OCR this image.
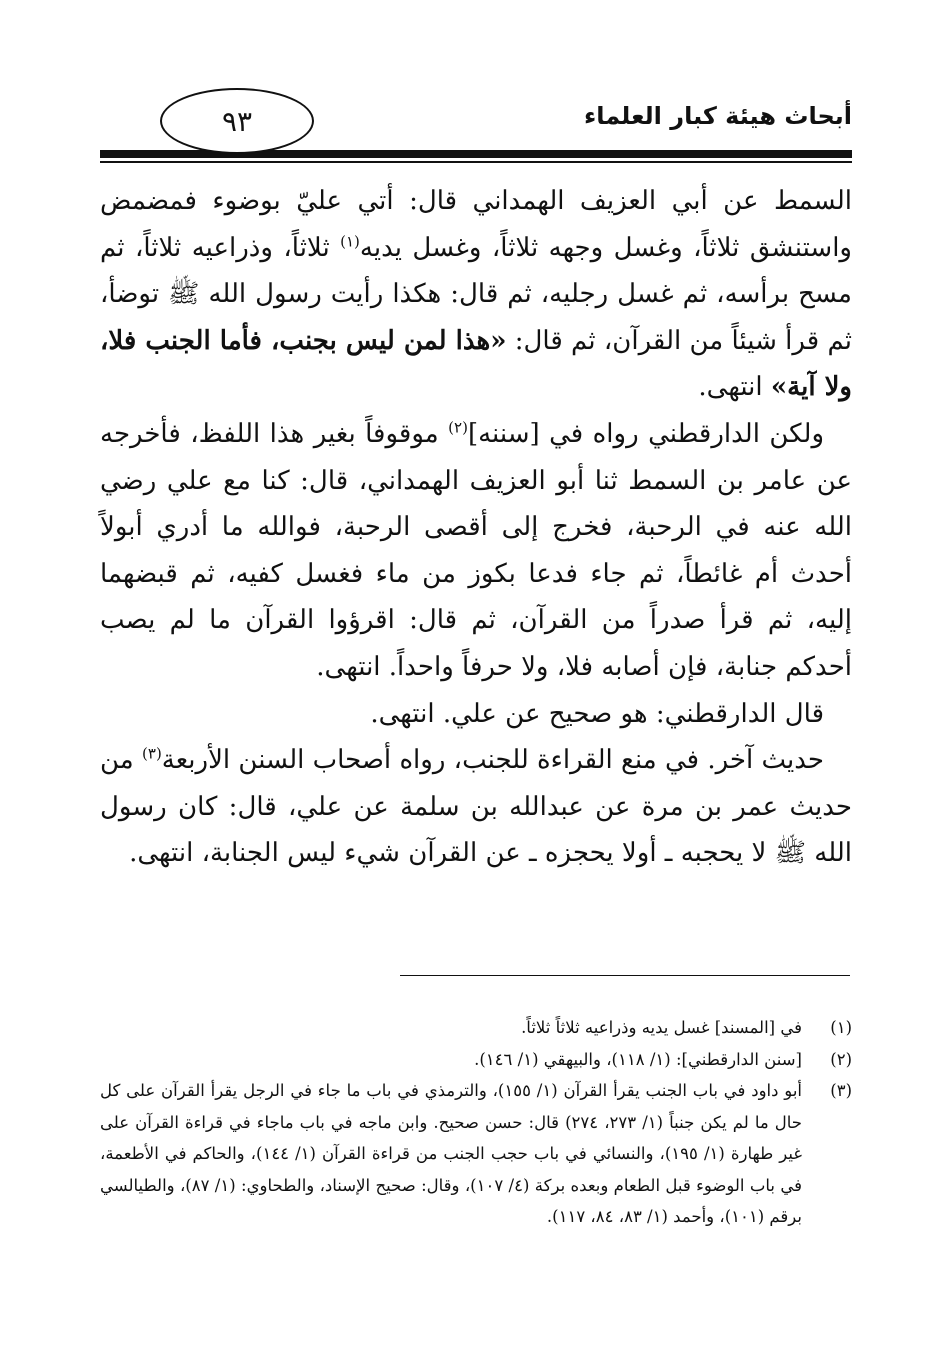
أبحاث هيئة كبار العلماء
٩٣

السمط عن أبي العزيف الهمداني قال: أتي عليّ بوضوء فمضمض واستنشق ثلاثاً، وغسل وجهه ثلاثاً، وغسل يديه$^{(١)}$ ثلاثاً، وذراعيه ثلاثاً، ثم مسح برأسه، ثم غسل رجليه، ثم قال: هكذا رأيت رسول الله ﷺ توضأ، ثم قرأ شيئاً من القرآن، ثم قال: «هذا لمن ليس بجنب، فأما الجنب فلا، ولا آية» انتهى.

ولكن الدارقطني رواه في [سننه]$^{(٢)}$ موقوفاً بغير هذا اللفظ، فأخرجه عن عامر بن السمط ثنا أبو العزيف الهمداني، قال: كنا مع علي رضي الله عنه في الرحبة، فخرج إلى أقصى الرحبة، فوالله ما أدري أبولاً أحدث أم غائطاً، ثم جاء فدعا بكوز من ماء فغسل كفيه، ثم قبضهما إليه، ثم قرأ صدراً من القرآن، ثم قال: اقرؤوا القرآن ما لم يصب أحدكم جنابة، فإن أصابه فلا، ولا حرفاً واحداً. انتهى.

قال الدارقطني: هو صحيح عن علي. انتهى.

حديث آخر. في منع القراءة للجنب، رواه أصحاب السنن الأربعة$^{(٣)}$ من حديث عمر بن مرة عن عبدالله بن سلمة عن علي، قال: كان رسول الله ﷺ لا يحجبه ـ أولا يحجزه ـ عن القرآن شيء ليس الجنابة، انتهى.

(١)
في [المسند] غسل يديه وذراعيه ثلاثاً ثلاثاً.
(٢)
[سنن الدارقطني]: (١/ ١١٨)، والبيهقي (١/ ١٤٦).
(٣)
أبو داود في باب الجنب يقرأ القرآن (١/ ١٥٥)، والترمذي في باب ما جاء في الرجل يقرأ القرآن على كل حال ما لم يكن جنباً (١/ ٢٧٣، ٢٧٤) قال: حسن صحيح. وابن ماجه في باب ماجاء في قراءة القرآن على غير طهارة (١/ ١٩٥)، والنسائي في باب حجب الجنب من قراءة القرآن (١/ ١٤٤)، والحاكم في الأطعمة، في باب الوضوء قبل الطعام وبعده بركة (٤/ ١٠٧)، وقال: صحيح الإسناد، والطحاوي: (١/ ٨٧)، والطيالسي برقم (١٠١)، وأحمد (١/ ٨٣، ٨٤، ١١٧).
